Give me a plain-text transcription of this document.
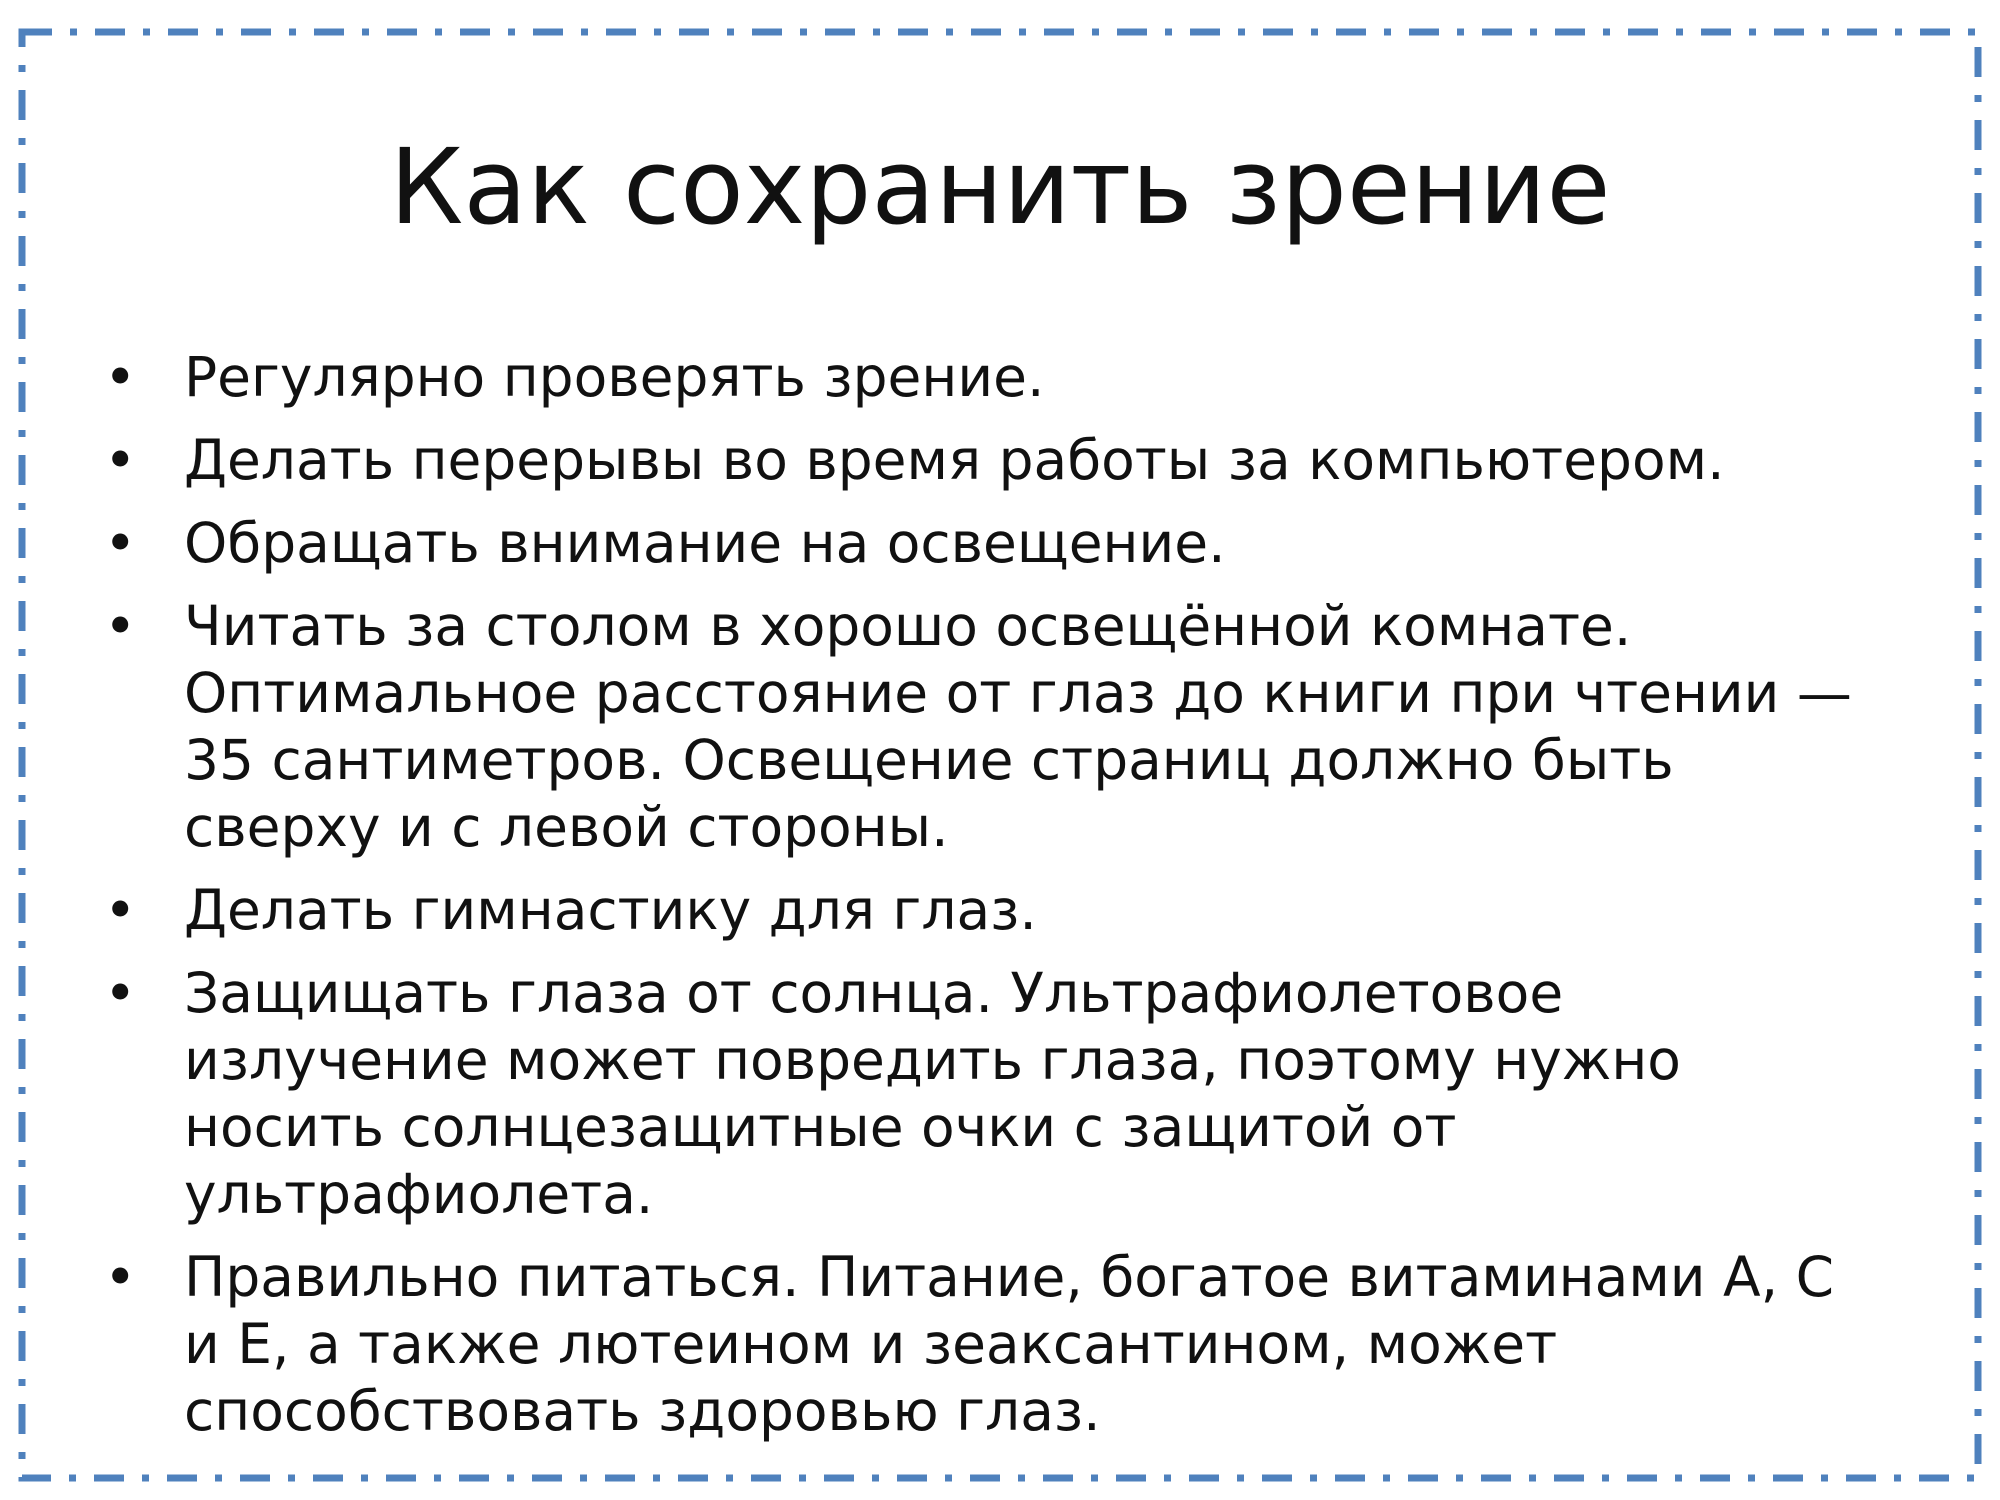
Как сохранить зрение
• Регулярно проверять зрение.
• Делать перерывы во время работы за компьютером.
• Обращать внимание на освещение.
• Читать за столом в хорошо освещённой комнате. Оптимальное расстояние от глаз до книги при чтении — 35 сантиметров. Освещение страниц должно быть сверху и с левой стороны.
• Делать гимнастику для глаз.
• Защищать глаза от солнца. Ультрафиолетовое излучение может повредить глаза, поэтому нужно носить солнцезащитные очки с защитой от ультрафиолета.
• Правильно питаться. Питание, богатое витаминами A, C и E, а также лютеином и зеаксантином, может способствовать здоровью глаз.
